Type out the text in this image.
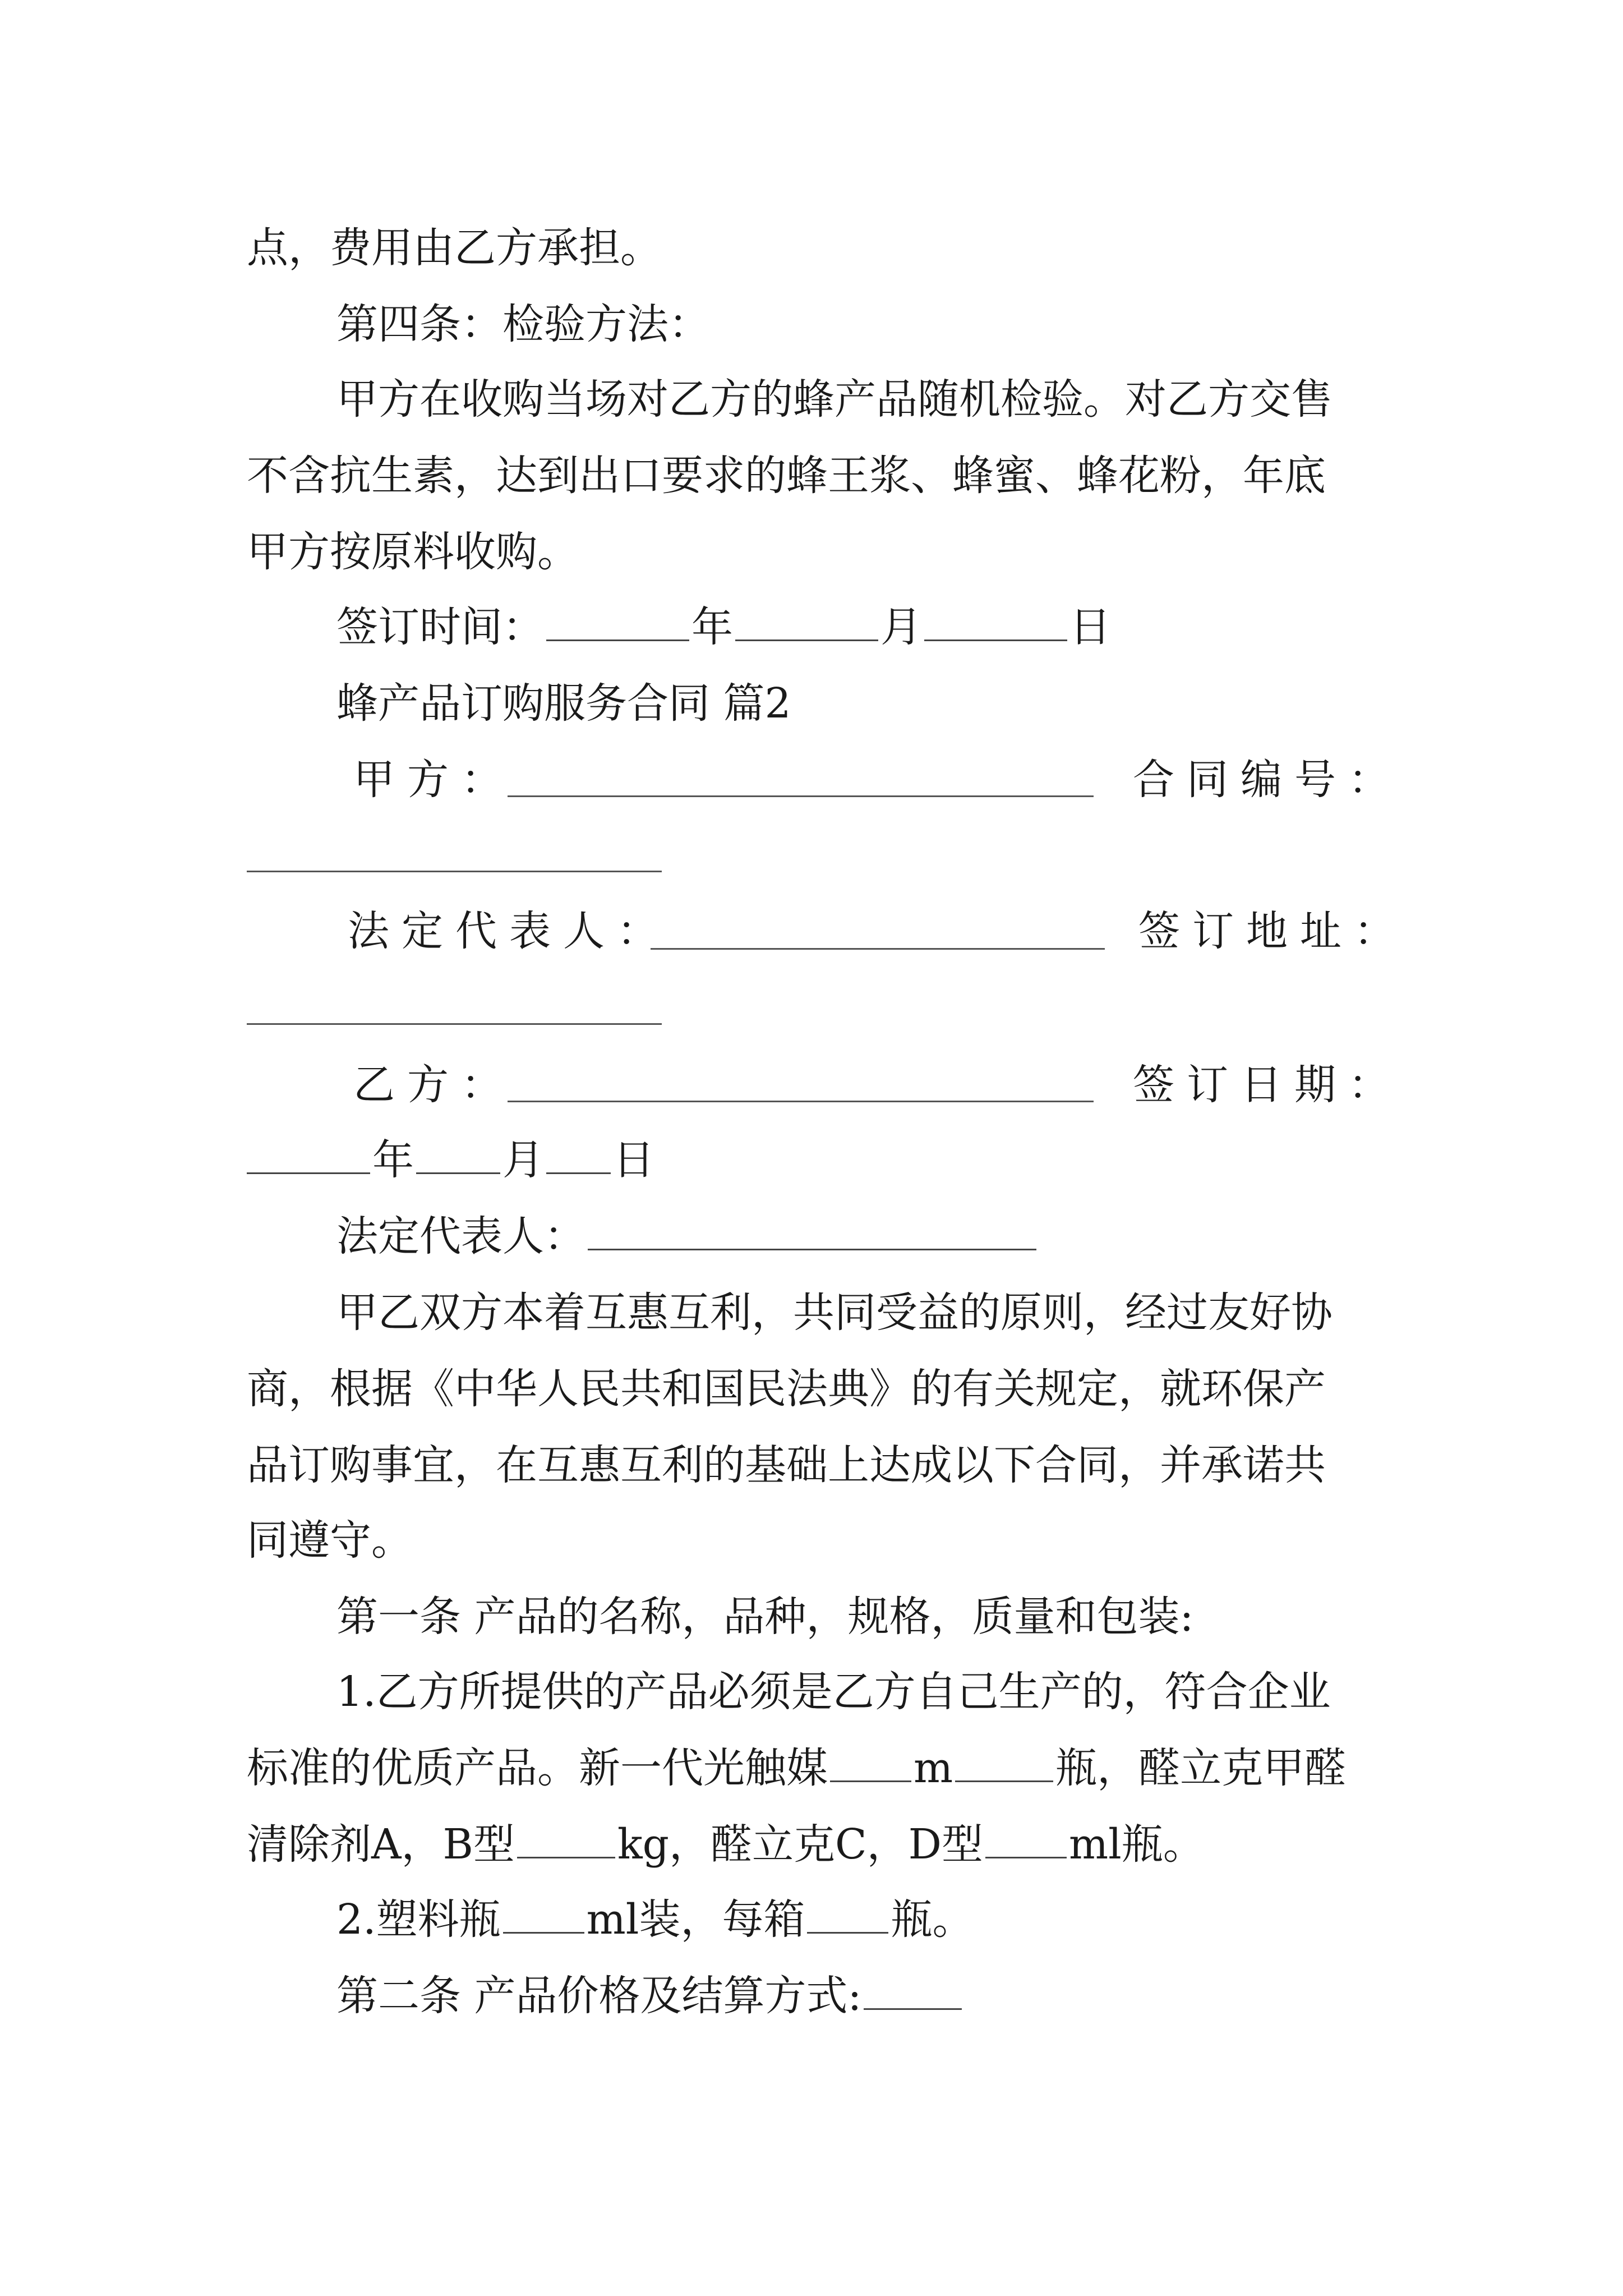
点，费用由乙方承担。
第四条：检验方法：
甲方在收购当场对乙方的蜂产品随机检验。对乙方交售
不含抗生素，达到出口要求的蜂王浆、蜂蜜、蜂花粉，年底
甲方按原料收购。
签订时间：	年	月	日
蜂产品订购服务合同 篇2
甲方：	合同编号：
法定代表人：	签订地址：
乙方：	签订日期：
年 月 日
法定代表人：
甲乙双方本着互惠互利，共同受益的原则，经过友好协
商，根据《中华人民共和国民法典》的有关规定，就环保产
品订购事宜，在互惠互利的基础上达成以下合同，并承诺共
同遵守。
第一条 产品的名称，品种，规格，质量和包装:
1.乙方所提供的产品必须是乙方自己生产的，符合企业
标准的优质产品。新一代光触媒 m 瓶，醛立克甲醛
清除剂A，B型 kg，醛立克C，D型 ml瓶。
2.塑料瓶 ml装，每箱 瓶。
第二条 产品价格及结算方式:
